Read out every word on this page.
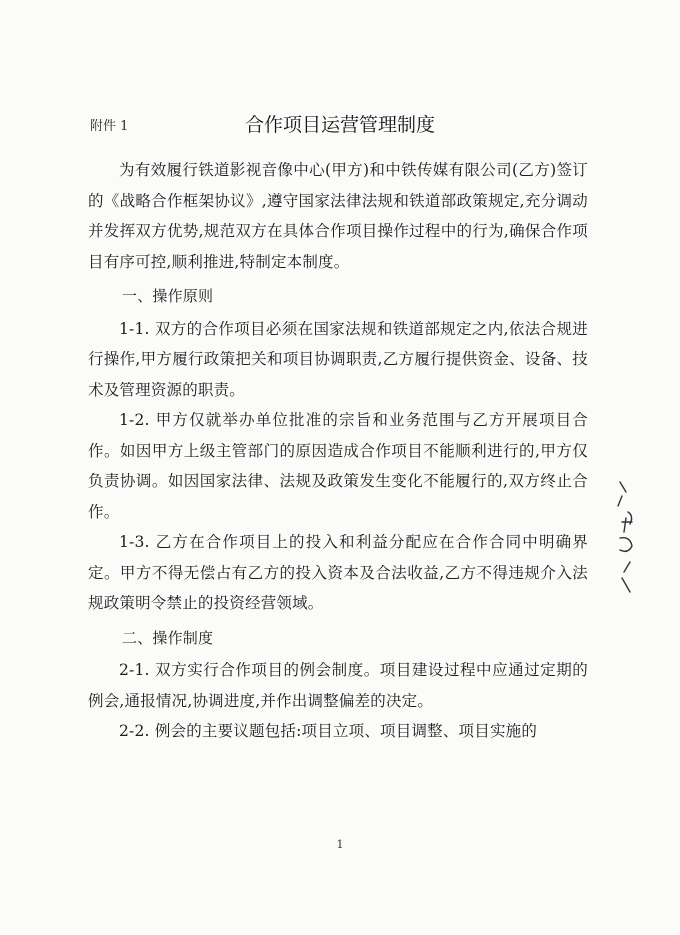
附件 1	合作项目运营管理制度

为有效履行铁道影视音像中心(甲方)和中铁传媒有限公司(乙方)签订的《战略合作框架协议》,遵守国家法律法规和铁道部政策规定,充分调动并发挥双方优势,规范双方在具体合作项目操作过程中的行为,确保合作项目有序可控,顺利推进,特制定本制度。

一、操作原则

1-1. 双方的合作项目必须在国家法规和铁道部规定之内,依法合规进行操作,甲方履行政策把关和项目协调职责,乙方履行提供资金、设备、技术及管理资源的职责。

1-2. 甲方仅就举办单位批准的宗旨和业务范围与乙方开展项目合作。如因甲方上级主管部门的原因造成合作项目不能顺利进行的,甲方仅负责协调。如因国家法律、法规及政策发生变化不能履行的,双方终止合作。

1-3. 乙方在合作项目上的投入和利益分配应在合作合同中明确界定。甲方不得无偿占有乙方的投入资本及合法收益,乙方不得违规介入法规政策明令禁止的投资经营领域。

二、操作制度

2-1. 双方实行合作项目的例会制度。项目建设过程中应通过定期的例会,通报情况,协调进度,并作出调整偏差的决定。

2-2. 例会的主要议题包括:项目立项、项目调整、项目实施的

1
